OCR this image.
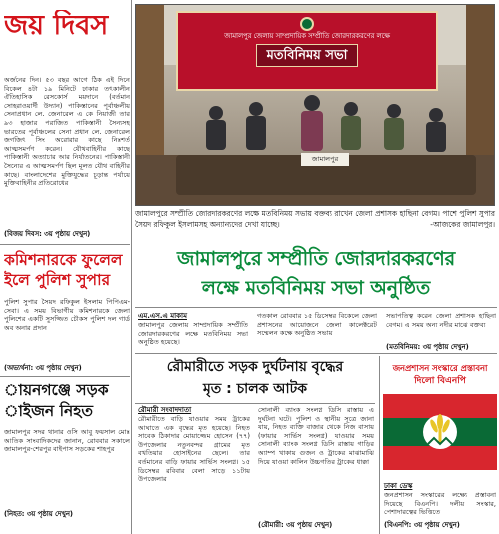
জয় দিবস
অর্জনের দিন। ৫৩ বছর আগে ঠিক এই দিনে বিকেল ৪টা ১৯ মিনিটে ঢাকার তৎকালীন ঐতিহাসিক রেসকোর্স ময়দানে (বর্তমান সোহরাওয়ার্দী উদ্যান) পাকিস্তানের পূর্বাঞ্চলীয় সেনাপ্রধান লে. জেনারেল এ কে নিয়াজী তার ৯৩ হাজার পরাজিত পাকিস্তানী সৈন্যসহ ভারতের পূর্বাঞ্চলের সেনা প্রধান লে. জেনারেল জগজিৎ সিং অরোরার কাছে নিঃশর্ত আত্মসমর্পণ করেন। যৌথবাহিনীর কাছে পাকিস্তানী অত্যাচার আর নির্যাতনের। পাকিস্তানী সৈন্যের এ আত্মসমর্পণ ছিল মূলত যৌথ বাহিনীর কাছে। বাংলাদেশের মুক্তিযুদ্ধের চূড়ান্ত পর্যায়ে মুক্তিবাহিনীর প্রতিরোধের
(বিজয় দিবস: ৩য় পৃষ্ঠায় দেখুন)
কমিশনারকে ফুলেল
ইলে পুলিশ সুপার
পুলিশ সুপার সৈয়দ রফিকুল ইসলাম পিপিএম-সেবা। এ সময় বিভাগীয় কমিশনারকে জেলা পুলিশের একটি সুসজ্জিত চৌকস পুলিশ দল গার্ড অব অনার প্রদান
(অভ্যর্থনা: ৩য় পৃষ্ঠায় দেখুন)
ায়নগঞ্জে সড়ক
াইজন নিহত
জামালপুর সদর থানার ওসি আবু ফয়সাল মোঃ আতিক সাংবাদিকদের জানান, রোববার সকালে জামালপুর-শেরপুর বাইপাস সড়কের শাহপুর
(নিহত: ৩য় পৃষ্ঠায় দেখুন)
জামালপুর জেলায় সাম্প্রদায়িক সম্প্রীতি জোরদারকরণের লক্ষে
মতবিনিময় সভা
জামালপুর
জামালপুরে সম্প্রীতি জোরদারকরণের লক্ষে মতবিনিময় সভায় বক্তব্য রাখেন জেলা প্রশাসক হাছিনা বেগম। পাশে পুলিশ সুপার সৈয়দ রফিকুল ইসলামসহ অন্যান্যদের দেখা যাচ্ছে।	-আজকের জামালপুর।
জামালপুরে সম্প্রীতি জোরদারকরণের
লক্ষে মতবিনিময় সভা অনুষ্ঠিত
এম.এস.এ মাকাম
জামালপুর জেলায় সাম্প্রদায়িক সম্প্রীতি জোরদারকরণের লক্ষে মতবিনিময় সভা অনুষ্ঠিত হয়েছে।
গতকাল রোববার ১৫ ডিসেম্বর বিকেলে জেলা প্রশাসনের আয়োজনে জেলা কালেক্টরেট সম্মেলন কক্ষে অনুষ্ঠিত সভায়
সভাপতিত্ব করেন জেলা প্রশাসক হাছিনা বেগম। এ সময় অন্য নদীর মাঝে বক্তব্য
(মতবিনিময়: ৩য় পৃষ্ঠায় দেখুন)
রৌমারীতে সড়ক দুর্ঘটনায় বৃদ্ধের
মৃত : চালক আটক
রৌমারী সংবাদদাতা
রৌমারীতে বাড়ি যাওয়ার সময় ট্রাকের আঘাতে এক বৃদ্ধের মৃত হয়েছে। নিহত সাবেক ঠিকাদার মোয়াজ্জেম হোসেন (৭৭) উপজেলার নতুনবন্দর গ্রামের মৃত বখতিয়ার হোসাইনের ছেলে। তার বর্তমানের বাড়ি ফায়ার সার্ভিস সংলগ্ন। ১৫ ডিসেম্বর রবিবার বেলা সাড়ে ১১টায় উপজেলার
সোনালী ব্যাংক সংলগ্ন ডিসি রাস্তায় এ দুর্ঘটনা ঘটে। পুলিশ ও স্থানীয় সূত্রে জানা যায়, নিহত ব্যক্তি বাজার থেকে নিজ বাসায় (ফায়ার সার্ভিস সংলগ্ন) যাওয়ার সময় সোনালী ব্যাংক সংলগ্ন ডিসি রাস্তায় গাড়ির অ্যাম্প খাকায় গুজন ও ট্রাকের মাঝামাঝি দিয়ে যাওয়া কালিন উচ্চগতির ট্রাকের ধাক্কা
(রৌমারী: ৩য় পৃষ্ঠায় দেখুন)
জনপ্রশাসন সংস্কারে প্রস্তাবনা
দিলো বিএনপি
ঢাকা ডেস্ক
জনপ্রশাসন সংস্কারের লক্ষ্যে প্রস্তাবনা দিয়েছে বিএনপি। দলীয় সংস্কার, পেশাদারত্বের ভিত্তিতে
(বিএনপি: ৩য় পৃষ্ঠায় দেখুন)
